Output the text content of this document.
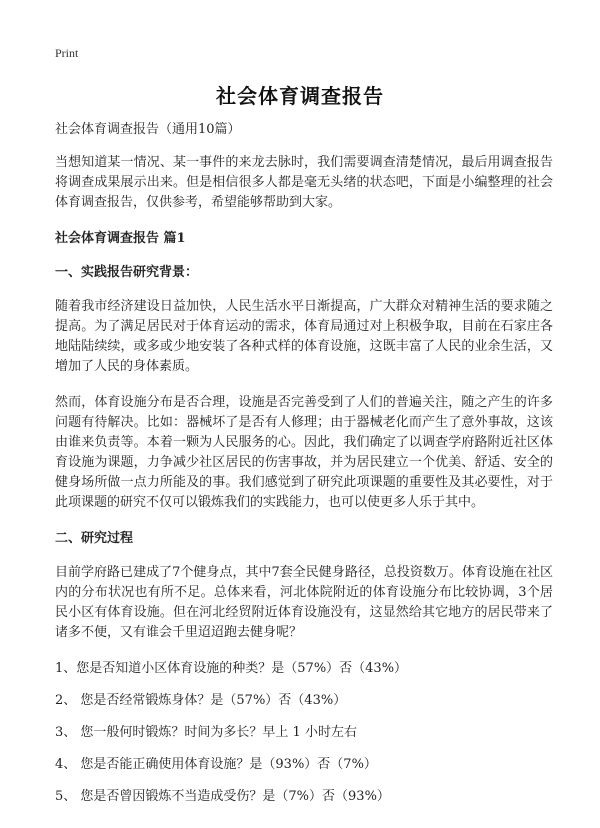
Print
社会体育调查报告

社会体育调查报告（通用10篇）

当想知道某一情况、某一事件的来龙去脉时，我们需要调查清楚情况，最后用调查报告将调查成果展示出来。但是相信很多人都是毫无头绪的状态吧，下面是小编整理的社会体育调查报告，仅供参考，希望能够帮助到大家。

社会体育调查报告 篇1

一、实践报告研究背景：

随着我市经济建设日益加快，人民生活水平日渐提高，广大群众对精神生活的要求随之提高。为了满足居民对于体育运动的需求，体育局通过对上积极争取，目前在石家庄各地陆陆续续，或多或少地安装了各种式样的体育设施，这既丰富了人民的业余生活，又增加了人民的身体素质。

然而，体育设施分布是否合理，设施是否完善受到了人们的普遍关注，随之产生的许多问题有待解决。比如：器械坏了是否有人修理；由于器械老化而产生了意外事故，这该由谁来负责等。本着一颗为人民服务的心。因此，我们确定了以调查学府路附近社区体育设施为课题，力争减少社区居民的伤害事故，并为居民建立一个优美、舒适、安全的健身场所做一点力所能及的事。我们感觉到了研究此项课题的重要性及其必要性，对于此项课题的研究不仅可以锻炼我们的实践能力，也可以使更多人乐于其中。

二、研究过程

目前学府路已建成了7个健身点，其中7套全民健身路径，总投资数万。体育设施在社区内的分布状况也有所不足。总体来看，河北体院附近的体育设施分布比较协调，3个居民小区有体育设施。但在河北经贸附近体育设施没有，这显然给其它地方的居民带来了诸多不便，又有谁会千里迢迢跑去健身呢？

1、您是否知道小区体育设施的种类？是（57%）否（43%）

2、 您是否经常锻炼身体？是（57%）否（43%）

3、 您一般何时锻炼？时间为多长？早上 1 小时左右

4、 您是否能正确使用体育设施？是（93%）否（7%）

5、 您是否曾因锻炼不当造成受伤？是（7%）否（93%）
